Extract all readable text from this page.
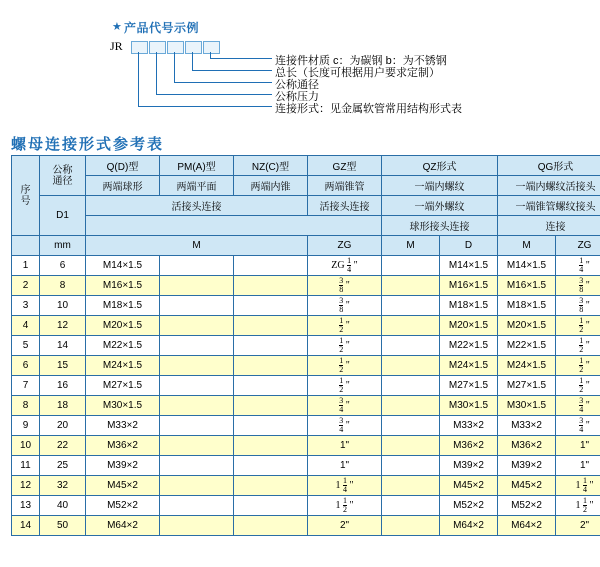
★ 产品代号示例
JR
连接件材质 c：为碳钢 b：为不锈钢
总长（长度可根据用户要求定制）
公称通径
公称压力
连接形式：见金属软管常用结构形式表
螺母连接形式参考表
序号	公称通径	Q(D)型	PM(A)型	NZ(C)型	GZ型	QZ形式		QG形式	
		两端球形	两端平面	两端内锥	两端锥管	一端内螺纹		一端内螺纹活接头	
	D1	活接头连接			活接头连接	一端外螺纹		一端锥管螺纹接头	
						球形接头连接		连接	
	mm	M			ZG	M	D	M	ZG
1	6	M14×1.5			ZG $\frac{1}{4}$ "		M14×1.5	M14×1.5	$\frac{1}{4}$ "
2	8	M16×1.5			$\frac{3}{8}$ "		M16×1.5	M16×1.5	$\frac{3}{8}$ "
3	10	M18×1.5			$\frac{3}{8}$ "		M18×1.5	M18×1.5	$\frac{3}{8}$ "
4	12	M20×1.5			$\frac{1}{2}$ "		M20×1.5	M20×1.5	$\frac{1}{2}$ "
5	14	M22×1.5			$\frac{1}{2}$ "		M22×1.5	M22×1.5	$\frac{1}{2}$ "
6	15	M24×1.5			$\frac{1}{2}$ "		M24×1.5	M24×1.5	$\frac{1}{2}$ "
7	16	M27×1.5			$\frac{1}{2}$ "		M27×1.5	M27×1.5	$\frac{1}{2}$ "
8	18	M30×1.5			$\frac{3}{4}$ "		M30×1.5	M30×1.5	$\frac{3}{4}$ "
9	20	M33×2			$\frac{3}{4}$ "		M33×2	M33×2	$\frac{3}{4}$ "
10	22	M36×2			1"		M36×2	M36×2	1"
11	25	M39×2			1"		M39×2	M39×2	1"
12	32	M45×2			$1 \frac{1}{4}$ "		M45×2	M45×2	$1 \frac{1}{4}$ "
13	40	M52×2			$1 \frac{1}{2}$ "		M52×2	M52×2	$1 \frac{1}{2}$ "
14	50	M64×2			2"		M64×2	M64×2	2"
